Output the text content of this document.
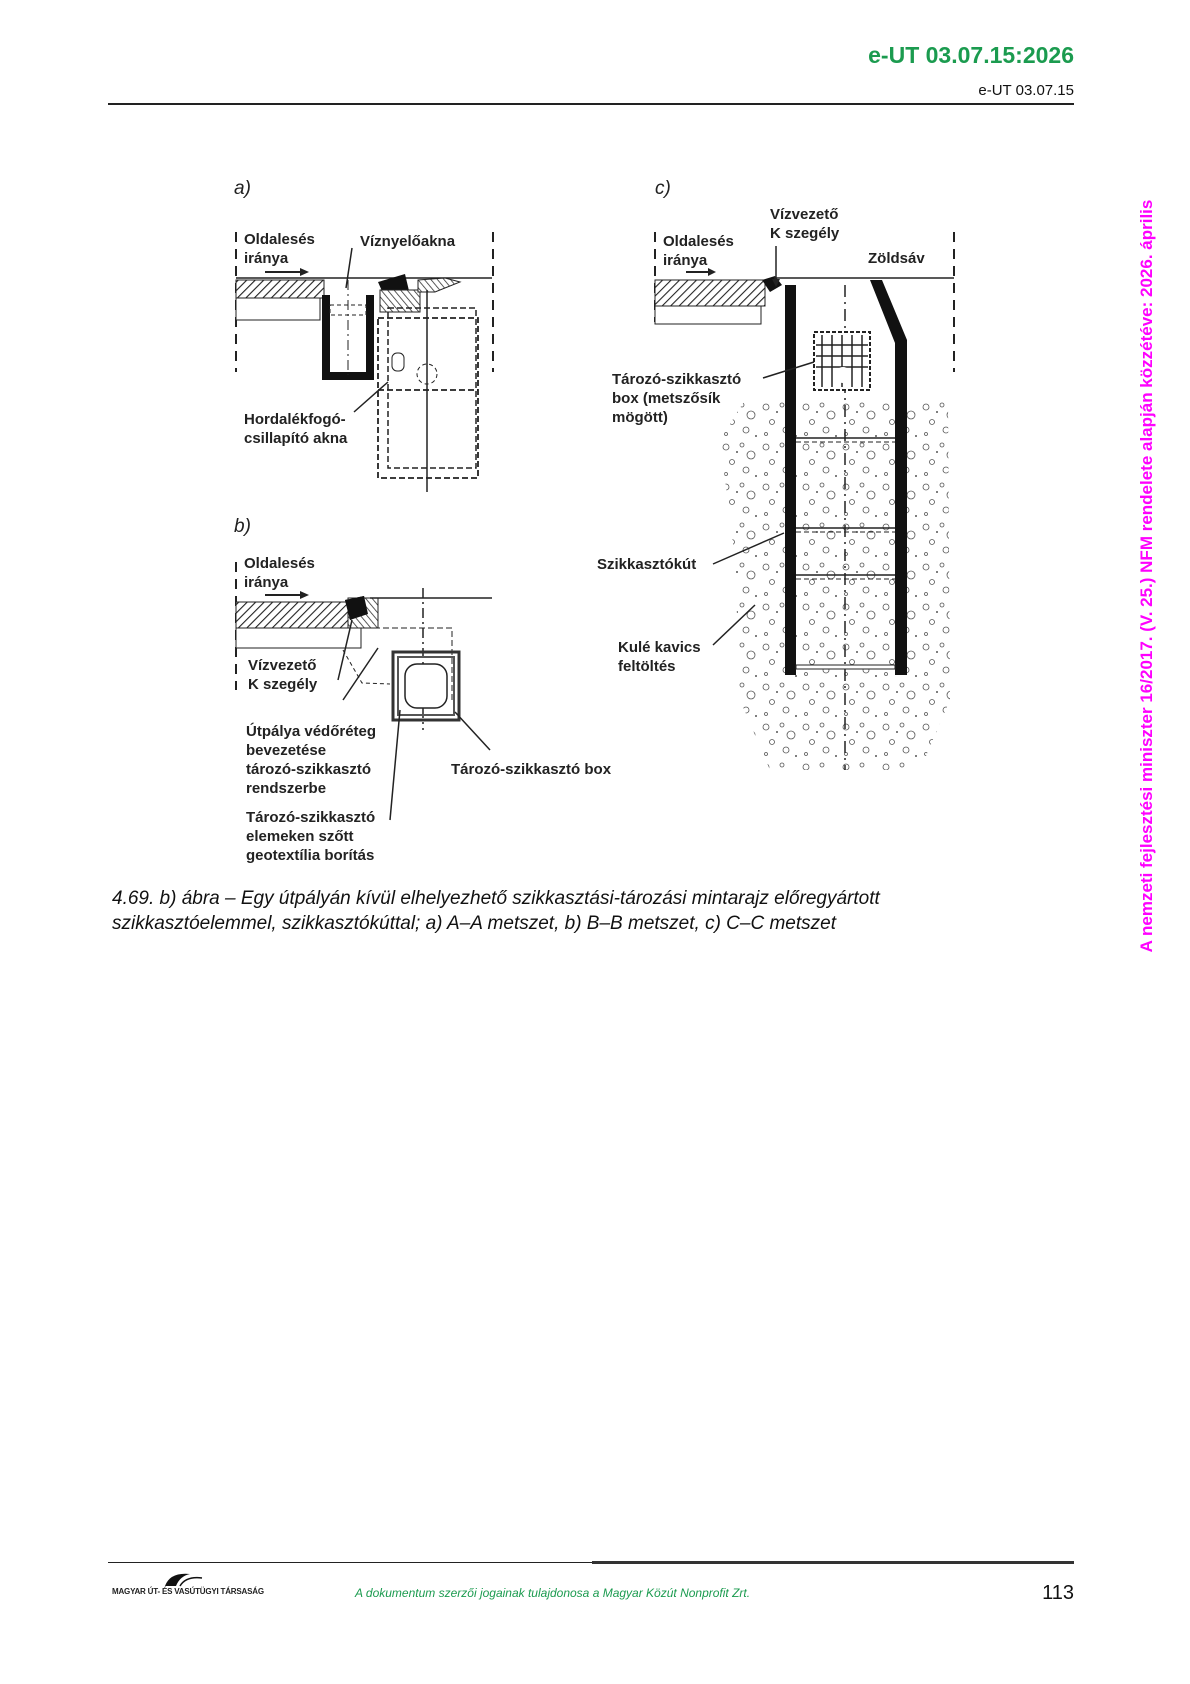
e-UT 03.07.15:2026
e-UT 03.07.15
A nemzeti fejlesztési miniszter 16/2017. (V. 25.) NFM rendelete alapján közzétéve: 2026. április
a)
Oldalesés
iránya
Víznyelőakna
Hordalékfogó-
csillapító akna
b)
Oldalesés
iránya
Vízvezető
K szegély
Útpálya védőréteg
bevezetése
tározó-szikkasztó
rendszerbe
Tározó-szikkasztó
elemeken szőtt
geotextília borítás
Tározó-szikkasztó box
c)
Vízvezető
K szegély
Oldalesés
iránya	Zöldsáv
Tározó-szikkasztó
box (metszősík
mögött)
Szikkasztókút
Kulé kavics
feltöltés
4.69. b) ábra – Egy útpályán kívül elhelyezhető szikkasztási-tározási mintarajz előregyártott
szikkasztóelemmel, szikkasztókúttal; a) A–A metszet, b) B–B metszet, c) C–C metszet
MAGYAR ÚT- ÉS VASÚTÜGYI TÁRSASÁG	A dokumentum szerzői jogainak tulajdonosa a Magyar Közút Nonprofit Zrt.	113
